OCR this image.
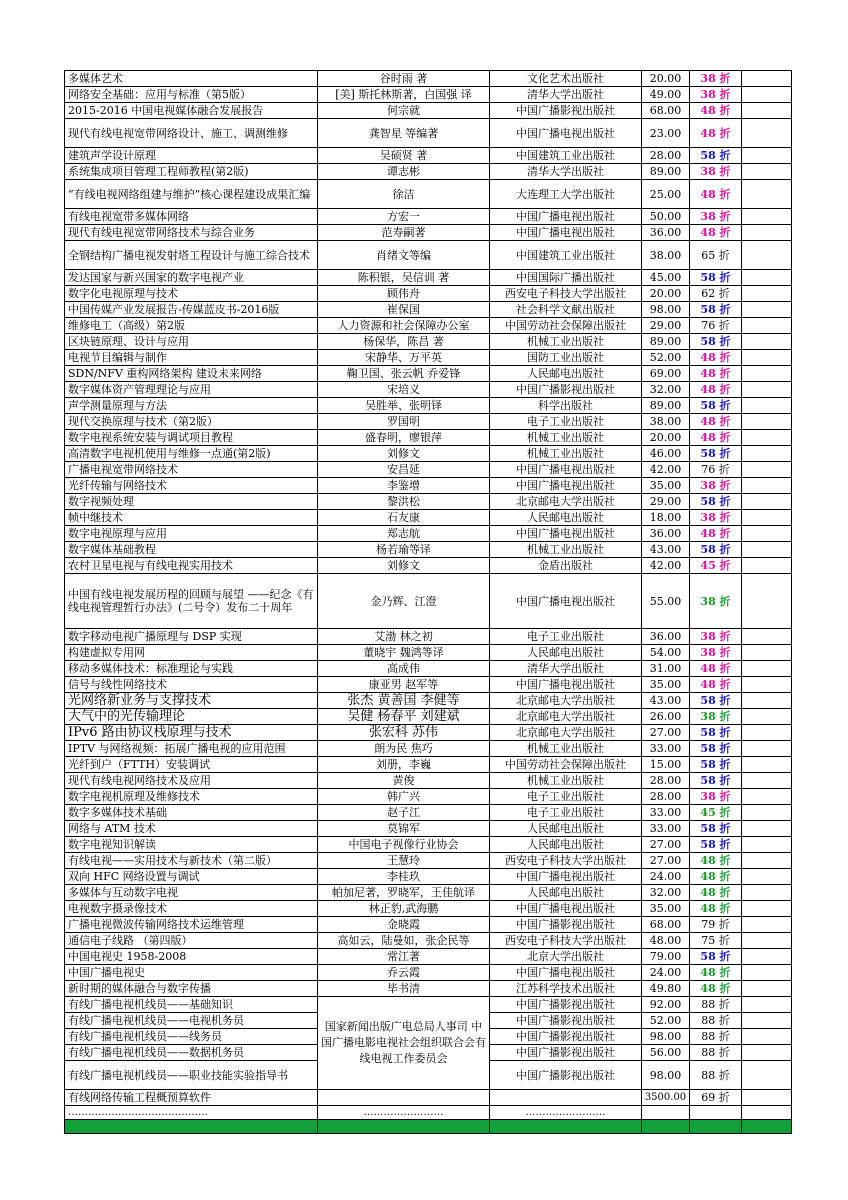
多媒体艺术	谷时雨 著	文化艺术出版社	20.00	38 折	
网络安全基础：应用与标准（第5版）	[美] 斯托林斯著，白国强 译	清华大学出版社	49.00	38 折	
2015-2016 中国电视媒体融合发展报告	何宗就	中国广播影视出版社	68.00	48 折	
现代有线电视宽带网络设计、施工、调测维修	龚智星 等编著	中国广播电视出版社	23.00	48 折	
建筑声学设计原理	吴硕贤 著	中国建筑工业出版社	28.00	58 折	
系统集成项目管理工程师教程(第2版)	谭志彬	清华大学出版社	89.00	38 折	
“有线电视网络组建与维护”核心课程建设成果汇编	徐洁	大连理工大学出版社	25.00	48 折	
有线电视宽带多媒体网络	方宏一	中国广播电视出版社	50.00	38 折	
现代有线电视宽带网络技术与综合业务	范寿嗣著	中国广播电视出版社	36.00	48 折	
全钢结构广播电视发射塔工程设计与施工综合技术	肖绪文等编	中国建筑工业出版社	38.00	65 折	
发达国家与新兴国家的数字电视产业	陈积银，吴信训 著	中国国际广播出版社	45.00	58 折	
数字化电视原理与技术	顾伟舟	西安电子科技大学出版社	20.00	62 折	
中国传媒产业发展报告-传媒蓝皮书-2016版	崔保国	社会科学文献出版社	98.00	58 折	
维修电工（高级）第2版	人力资源和社会保障办公室	中国劳动社会保障出版社	29.00	76 折	
区块链原理、设计与应用	杨保华，陈昌 著	机械工业出版社	89.00	58 折	
电视节目编辑与制作	宋静华、万平英	国防工业出版社	52.00	48 折	
SDN/NFV 重构网络架构 建设未来网络	鞠卫国、张云帆 乔爱锋	人民邮电出版社	69.00	48 折	
数字媒体资产管理理论与应用	宋培义	中国广播影视出版社	32.00	48 折	
声学测量原理与方法	吴胜举、张明铎	科学出版社	89.00	58 折	
现代交换原理与技术（第2版）	罗国明	电子工业出版社	38.00	48 折	
数字电视系统安装与调试项目教程	盛春明，廖银萍	机械工业出版社	20.00	48 折	
高清数字电视机使用与维修一点通(第2版)	刘修文	机械工业出版社	46.00	58 折	
广播电视宽带网络技术	安昌延	中国广播电视出版社	42.00	76 折	
光纤传输与网络技术	李鉴增	中国广播电视出版社	35.00	38 折	
数字视频处理	黎洪松	北京邮电大学出版社	29.00	58 折	
帧中继技术	石友康	人民邮电出版社	18.00	38 折	
数字电视原理与应用	郑志航	中国广播电视出版社	36.00	48 折	
数字媒体基础教程	杨若瑜等译	机械工业出版社	43.00	58 折	
农村卫星电视与有线电视实用技术	刘修文	金盾出版社	42.00	45 折	
中国有线电视发展历程的回顾与展望 ——纪念《有线电视管理暂行办法》(二号令）发布二十周年	金乃辉、江澄	中国广播电视出版社	55.00	38 折	
数字移动电视广播原理与 DSP 实现	艾渤 林之初	电子工业出版社	36.00	38 折	
构建虚拟专用网	董晓宇 魏鸿等译	人民邮电出版社	54.00	38 折	
移动多媒体技术：标准理论与实践	高成伟	清华大学出版社	31.00	48 折	
信号与线性网络技术	康亚男 赵军等	中国广播电视出版社	35.00	48 折	
光网络新业务与支撑技术	张杰 黄善国 李健等	北京邮电大学出版社	43.00	58 折	
大气中的光传输理论	吴健 杨春平 刘建斌	北京邮电大学出版社	26.00	38 折	
IPv6 路由协议栈原理与技术	张宏科 苏伟	北京邮电大学出版社	27.00	58 折	
IPTV 与网络视频：拓展广播电视的应用范围	朗为民 焦巧	机械工业出版社	33.00	58 折	
光纤到户（FTTH）安装调试	刘册，李巍	中国劳动社会保障出版社	15.00	58 折	
现代有线电视网络技术及应用	黄俊	机械工业出版社	28.00	58 折	
数字电视机原理及维修技术	韩广兴	电子工业出版社	28.00	38 折	
数字多媒体技术基础	赵子江	电子工业出版社	33.00	45 折	
网络与 ATM 技术	莫锦军	人民邮电出版社	33.00	58 折	
数字电视知识解读	中国电子视像行业协会	人民邮电出版社	27.00	58 折	
有线电视——实用技术与新技术（第二版）	王慧玲	西安电子科技大学出版社	27.00	48 折	
双向 HFC 网络设置与调试	李桂玖	中国广播电视出版社	24.00	48 折	
多媒体与互动数字电视	帕加尼著，罗晓军，王佳航译	人民邮电出版社	32.00	48 折	
电视数字摄录像技术	林正豹,武海鹏	中国广播电视出版社	35.00	48 折	
广播电视微波传输网络技术运维管理	金晓霞	中国广播影视出版社	68.00	79 折	
通信电子线路 （第四版）	高如云，陆曼如，张企民等	西安电子科技大学出版社	48.00	75 折	
中国电视史 1958-2008	常江著	北京大学出版社	79.00	58 折	
中国广播电视史	乔云霞	中国广播电视出版社	24.00	48 折	
新时期的媒体融合与数字传播	毕书清	江苏科学技术出版社	49.80	48 折	
有线广播电视机线员——基础知识	国家新闻出版广电总局人事司 中国广播电影电视社会组织联合会有线电视工作委员会	中国广播影视出版社	92.00	88 折	
有线广播电视机线员——电视机务员		中国广播影视出版社	52.00	88 折	
有线广播电视机线员——线务员		中国广播影视出版社	98.00	88 折	
有线广播电视机线员——数据机务员		中国广播影视出版社	56.00	88 折	
有线广播电视机线员——职业技能实验指导书		中国广播影视出版社	98.00	88 折	
有线网络传输工程概预算软件			3500.00	69 折	
……………………………………	……………………	……………………			
